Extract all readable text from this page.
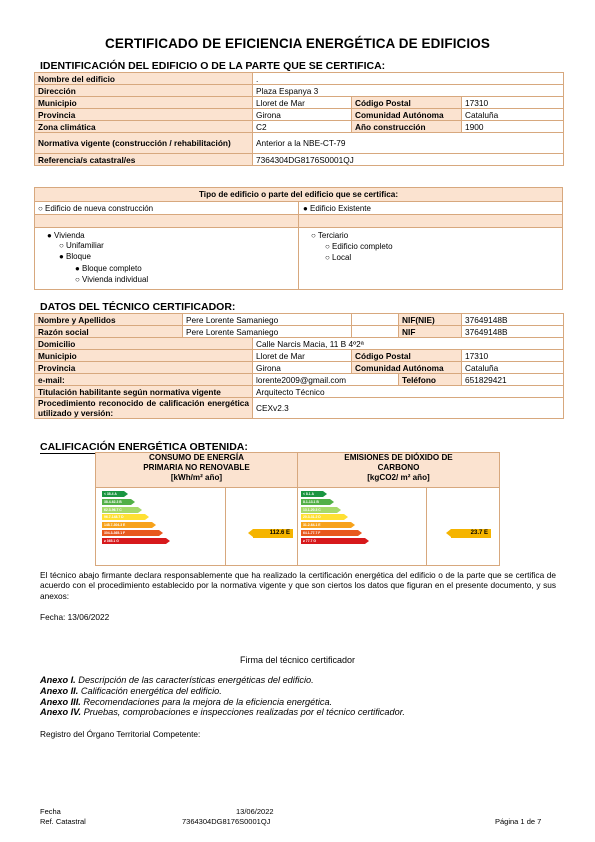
CERTIFICADO DE EFICIENCIA ENERGÉTICA DE EDIFICIOS
IDENTIFICACIÓN DEL EDIFICIO O DE LA PARTE QUE SE CERTIFICA:
Nombre del edificio	.		
Dirección	Plaza Espanya 3		
Municipio	Lloret de Mar	Código Postal	17310
Provincia	Girona	Comunidad Autónoma	Cataluña
Zona climática	C2	Año construcción	1900
Normativa vigente (construcción / rehabilitación)	Anterior a la NBE-CT-79		
Referencia/s catastral/es	7364304DG8176S0001QJ		
Tipo de edificio o parte del edificio que se certifica:
○ Edificio de nueva construcción	● Edificio Existente
● Vivienda
○ Unifamiliar
● Bloque
● Bloque completo
○ Vivienda individual
○ Terciario
○ Edificio completo
○ Local
DATOS DEL TÉCNICO CERTIFICADOR:
Nombre y Apellidos	Pere Lorente Samaniego			NIF(NIE)	37649148B
Razón social	Pere Lorente Samaniego			NIF	37649148B
Domicilio		Calle Narcis Macia, 11 B 4º2ª			
Municipio		Lloret de Mar	Código Postal		17310
Provincia		Girona	Comunidad Autónoma		Cataluña
e-mail:		lorente2009@gmail.com		Teléfono	651829421
Titulación habilitante según normativa vigente		Arquitecto Técnico			
Procedimiento reconocido de calificación energética utilizado y versión:		CEXv2.3			
CALIFICACIÓN ENERGÉTICA OBTENIDA:
CONSUMO DE ENERGÍA
PRIMARIA NO RENOVABLE
[kWh/m² año]
EMISIONES DE DIÓXIDO DE
CARBONO
[kgCO2/ m² año]
< 38.4 A
38.4-62.3 B
62.3-96.7 C
96.7-148.7 D
148.7-304.3 E
304.3-365.1 F
≥ 365.1 G
< 8.1 A
8.1-13.1 B
13.1-20.3 C
20.3-31.2 D
31.2-64.1 E
64.1-77.7 F
≥ 77.7 G
112.6 E	23.7 E
El técnico abajo firmante declara responsablemente que ha realizado la certificación energética del edificio o de la parte que se certifica de acuerdo con el procedimiento establecido por la normativa vigente y que son ciertos los datos que figuran en el presente documento, y sus anexos:
Fecha: 13/06/2022
Firma del técnico certificador
Anexo I. Descripción de las características energéticas del edificio.
Anexo II. Calificación energética del edificio.
Anexo III. Recomendaciones para la mejora de la eficiencia energética.
Anexo IV. Pruebas, comprobaciones e inspecciones realizadas por el técnico certificador.
Registro del Órgano Territorial Competente:
Fecha
Ref. Catastral
13/06/2022
7364304DG8176S0001QJ	Página 1 de 7
